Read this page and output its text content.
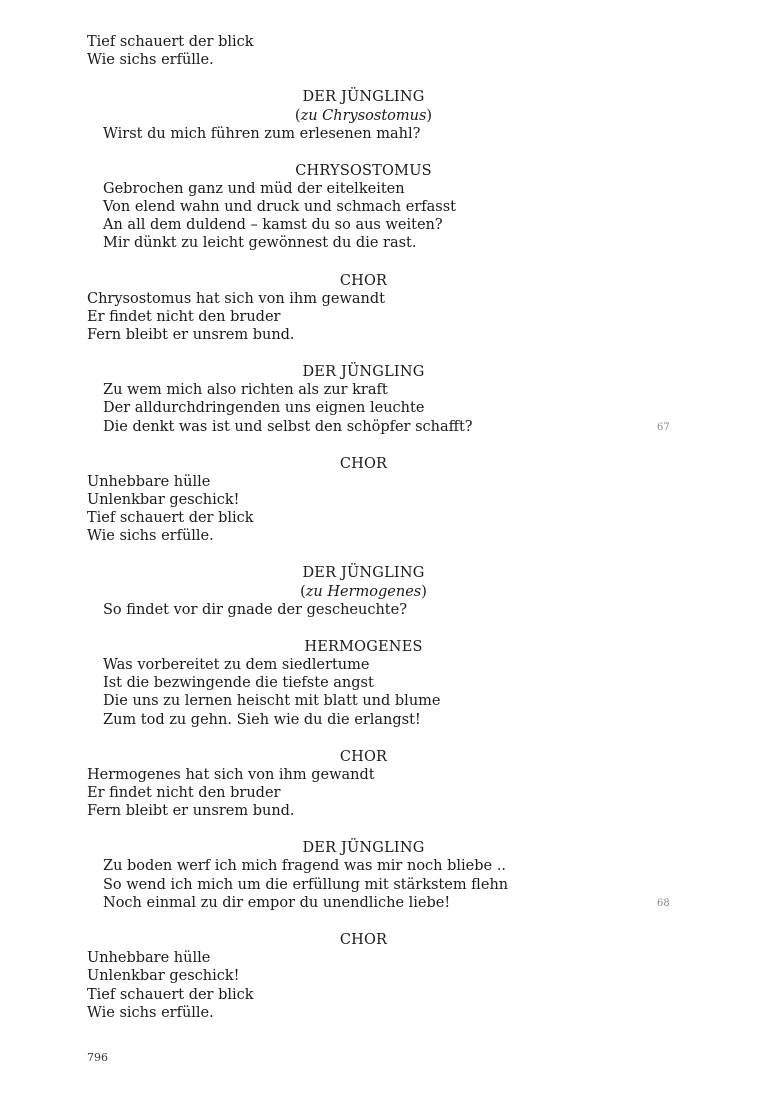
Tief schauert der blick
Wie sichs erfülle.
DER JÜNGLING
(zu Chrysostomus)
Wirst du mich führen zum erlesenen mahl?
CHRYSOSTOMUS
Gebrochen ganz und müd der eitelkeiten
Von elend wahn und druck und schmach erfasst
An all dem duldend – kamst du so aus weiten?
Mir dünkt zu leicht gewönnest du die rast.
CHOR
Chrysostomus hat sich von ihm gewandt
Er findet nicht den bruder
Fern bleibt er unsrem bund.
DER JÜNGLING
Zu wem mich also richten als zur kraft
Der alldurchdringenden uns eignen leuchte
Die denkt was ist und selbst den schöpfer schafft?	67
CHOR
Unhebbare hülle
Unlenkbar geschick!
Tief schauert der blick
Wie sichs erfülle.
DER JÜNGLING
(zu Hermogenes)
So findet vor dir gnade der gescheuchte?
HERMOGENES
Was vorbereitet zu dem siedlertume
Ist die bezwingende die tiefste angst
Die uns zu lernen heischt mit blatt und blume
Zum tod zu gehn. Sieh wie du die erlangst!
CHOR
Hermogenes hat sich von ihm gewandt
Er findet nicht den bruder
Fern bleibt er unsrem bund.
DER JÜNGLING
Zu boden werf ich mich fragend was mir noch bliebe ..
So wend ich mich um die erfüllung mit stärkstem flehn
Noch einmal zu dir empor du unendliche liebe!	68
CHOR
Unhebbare hülle
Unlenkbar geschick!
Tief schauert der blick
Wie sichs erfülle.
796
